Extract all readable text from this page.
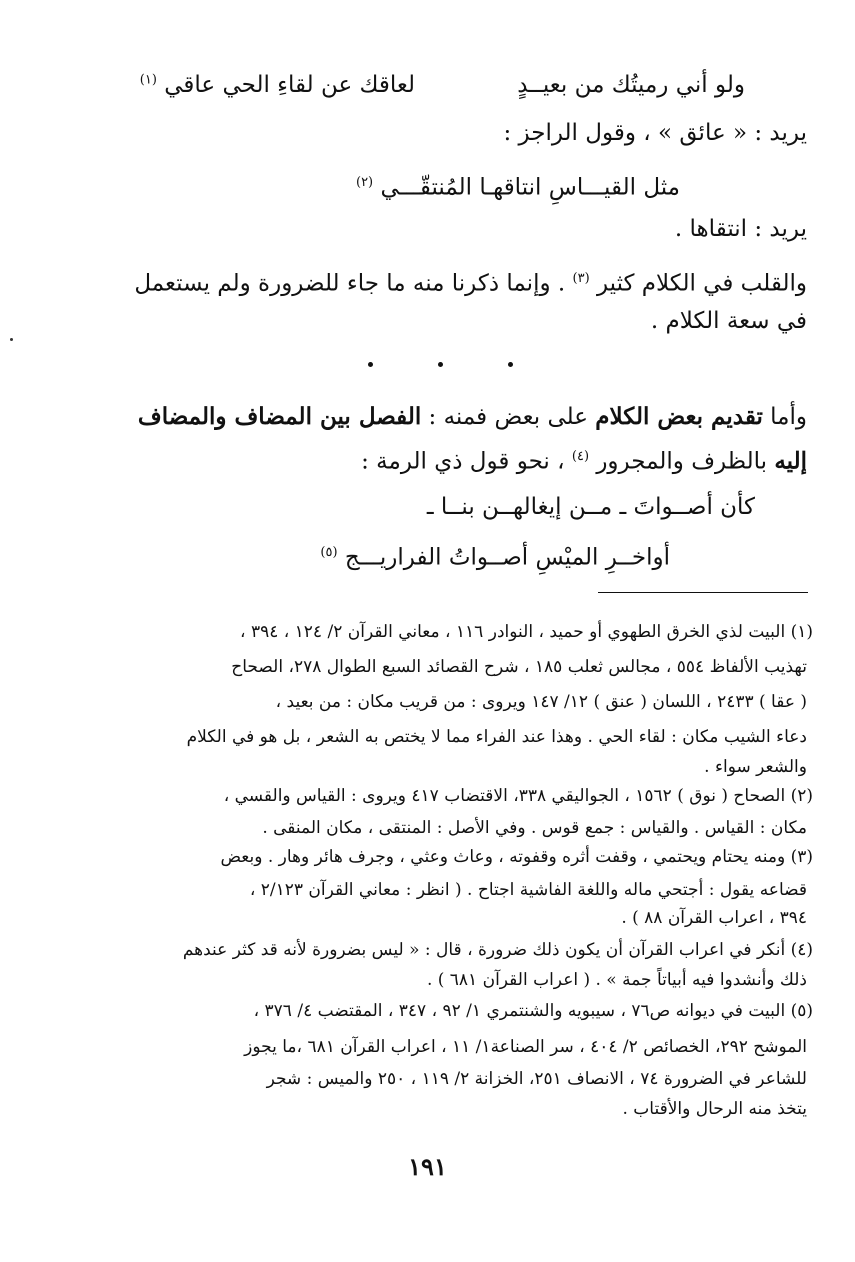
ولو أني رميتُك من بعيــدٍ
لعاقك عن لقاءِ الحي عاقي $^{(١)}$
يريد : « عائق » ، وقول الراجز :
مثل القيـــاسِ انتاقهـا المُنتقّـــي $^{(٢)}$
يريد : انتقاها .
والقلب في الكلام كثير $^{(٣)}$ . وإنما ذكرنا منه ما جاء للضرورة ولم يستعمل
في سعة الكلام .
وأما تقديم بعض الكلام على بعض فمنه : الفصل بين المضاف والمضاف
إليه بالظرف والمجرور $^{(٤)}$ ، نحو قول ذي الرمة :
كأن أصــواتَ ـ مــن إيغالهــن بنــا ـ
أواخــرِ الميْسِ أصــواتُ الفراريـــج $^{(٥)}$
(١) البيت لذي الخرق الطهوي أو حميد ، النوادر ١١٦ ، معاني القرآن ٢/ ١٢٤ ، ٣٩٤ ،
تهذيب الألفاظ ٥٥٤ ، مجالس ثعلب ١٨٥ ، شرح القصائد السبع الطوال ٢٧٨، الصحاح
( عقا ) ٢٤٣٣ ، اللسان ( عنق ) ١٢/ ١٤٧ ويروى : من قريب مكان : من بعيد ،
دعاء الشيب مكان : لقاء الحي . وهذا عند الفراء مما لا يختص به الشعر ، بل هو في الكلام
والشعر سواء .
(٢) الصحاح ( نوق ) ١٥٦٢ ، الجواليقي ٣٣٨، الاقتضاب ٤١٧ ويروى : القياس والقسي ،
مكان : القياس . والقياس : جمع قوس . وفي الأصل : المنتقى ، مكان المنقى .
(٣) ومنه يحتام ويحتمي ، وقفت أثره وقفوته ، وعاث وعثي ، وجرف هائر وهار . وبعض
قضاعه يقول : أجتحي ماله واللغة الفاشية اجتاح . ( انظر : معاني القرآن ٢/١٢٣ ،
٣٩٤ ، اعراب القرآن ٨٨ ) .
(٤) أنكر في اعراب القرآن أن يكون ذلك ضرورة ، قال : « ليس بضرورة لأنه قد كثر عندهم
ذلك وأنشدوا فيه أبياتاً جمة » . ( اعراب القرآن ٦٨١ ) .
(٥) البيت في ديوانه ص٧٦ ، سيبويه والشنتمري ١/ ٩٢ ، ٣٤٧ ، المقتضب ٤/ ٣٧٦ ،
الموشح ٢٩٢، الخصائص ٢/ ٤٠٤ ، سر الصناعة١/ ١١ ، اعراب القرآن ٦٨١ ،ما يجوز
للشاعر في الضرورة ٧٤ ، الانصاف ٢٥١، الخزانة ٢/ ١١٩ ، ٢٥٠ والميس : شجر
يتخذ منه الرحال والأقتاب .
١٩١
